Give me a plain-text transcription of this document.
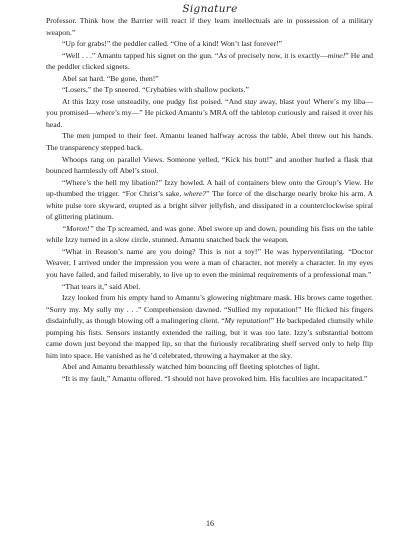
Signature

Professor. Think how the Barrier will react if they learn intellectuals are in possession of a military weapon.”

“Up for grabs!” the peddler called. “One of a kind! Won’t last forever!”

“Well . . .” Amantu tapped his signet on the gun. “As of precisely now, it is exactly—mine!” He and the peddler clicked signets.

Abel sat hard. “Be gone, then!”

“Losers,” the Tp sneered. “Crybabies with shallow pockets.”

At this Izzy rose unsteadily, one pudgy fist poised. “And stay away, blast you! Where’s my liba—you promised—where’s my—” He picked Amantu’s MRA off the tabletop curiously and raised it over his head.

The men jumped to their feet. Amantu leaned halfway across the table, Abel threw out his hands. The transparency stepped back.

Whoops rang on parallel Views. Someone yelled, “Kick his butt!” and another hurled a flask that bounced harmlessly off Abel’s stool.

“Where’s the hell my libation?” Izzy howled. A hail of containers blew onto the Group’s View. He up-thumbed the trigger. “For Christ’s sake, where?” The force of the discharge nearly broke his arm. A white pulse tore skyward, erupted as a bright silver jellyfish, and dissipated in a counterclockwise spiral of glittering platinum.

“Moron!” the Tp screamed, and was gone. Abel swore up and down, pounding his fists on the table while Izzy turned in a slow circle, stunned. Amantu snatched back the weapon.

“What in Reason’s name are you doing? This is not a toy!” He was hyperventilating. “Doctor Weaver, I arrived under the impression you were a man of character, not merely a character. In my eyes you have failed, and failed miserably, to live up to even the minimal requirements of a professional man.”

“That tears it,” said Abel.

Izzy looked from his empty hand to Amantu’s glowering nightmare mask. His brows came together. “Sorry my. My sully my . . .” Comprehension dawned. “Sullied my reputation!” He flicked his fingers disdainfully, as though blowing off a malingering client. “My reputation!” He backpedaled clumsily while pumping his fists. Sensors instantly extended the railing, but it was too late. Izzy’s substantial bottom came down just beyond the mapped lip, so that the furiously recalibrating shelf served only to help flip him into space. He vanished as he’d celebrated, throwing a haymaker at the sky.

Abel and Amantu breathlessly watched him bouncing off fleeting splotches of light.

“It is my fault,” Amantu offered. “I should not have provoked him. His faculties are incapacitated.”

16
